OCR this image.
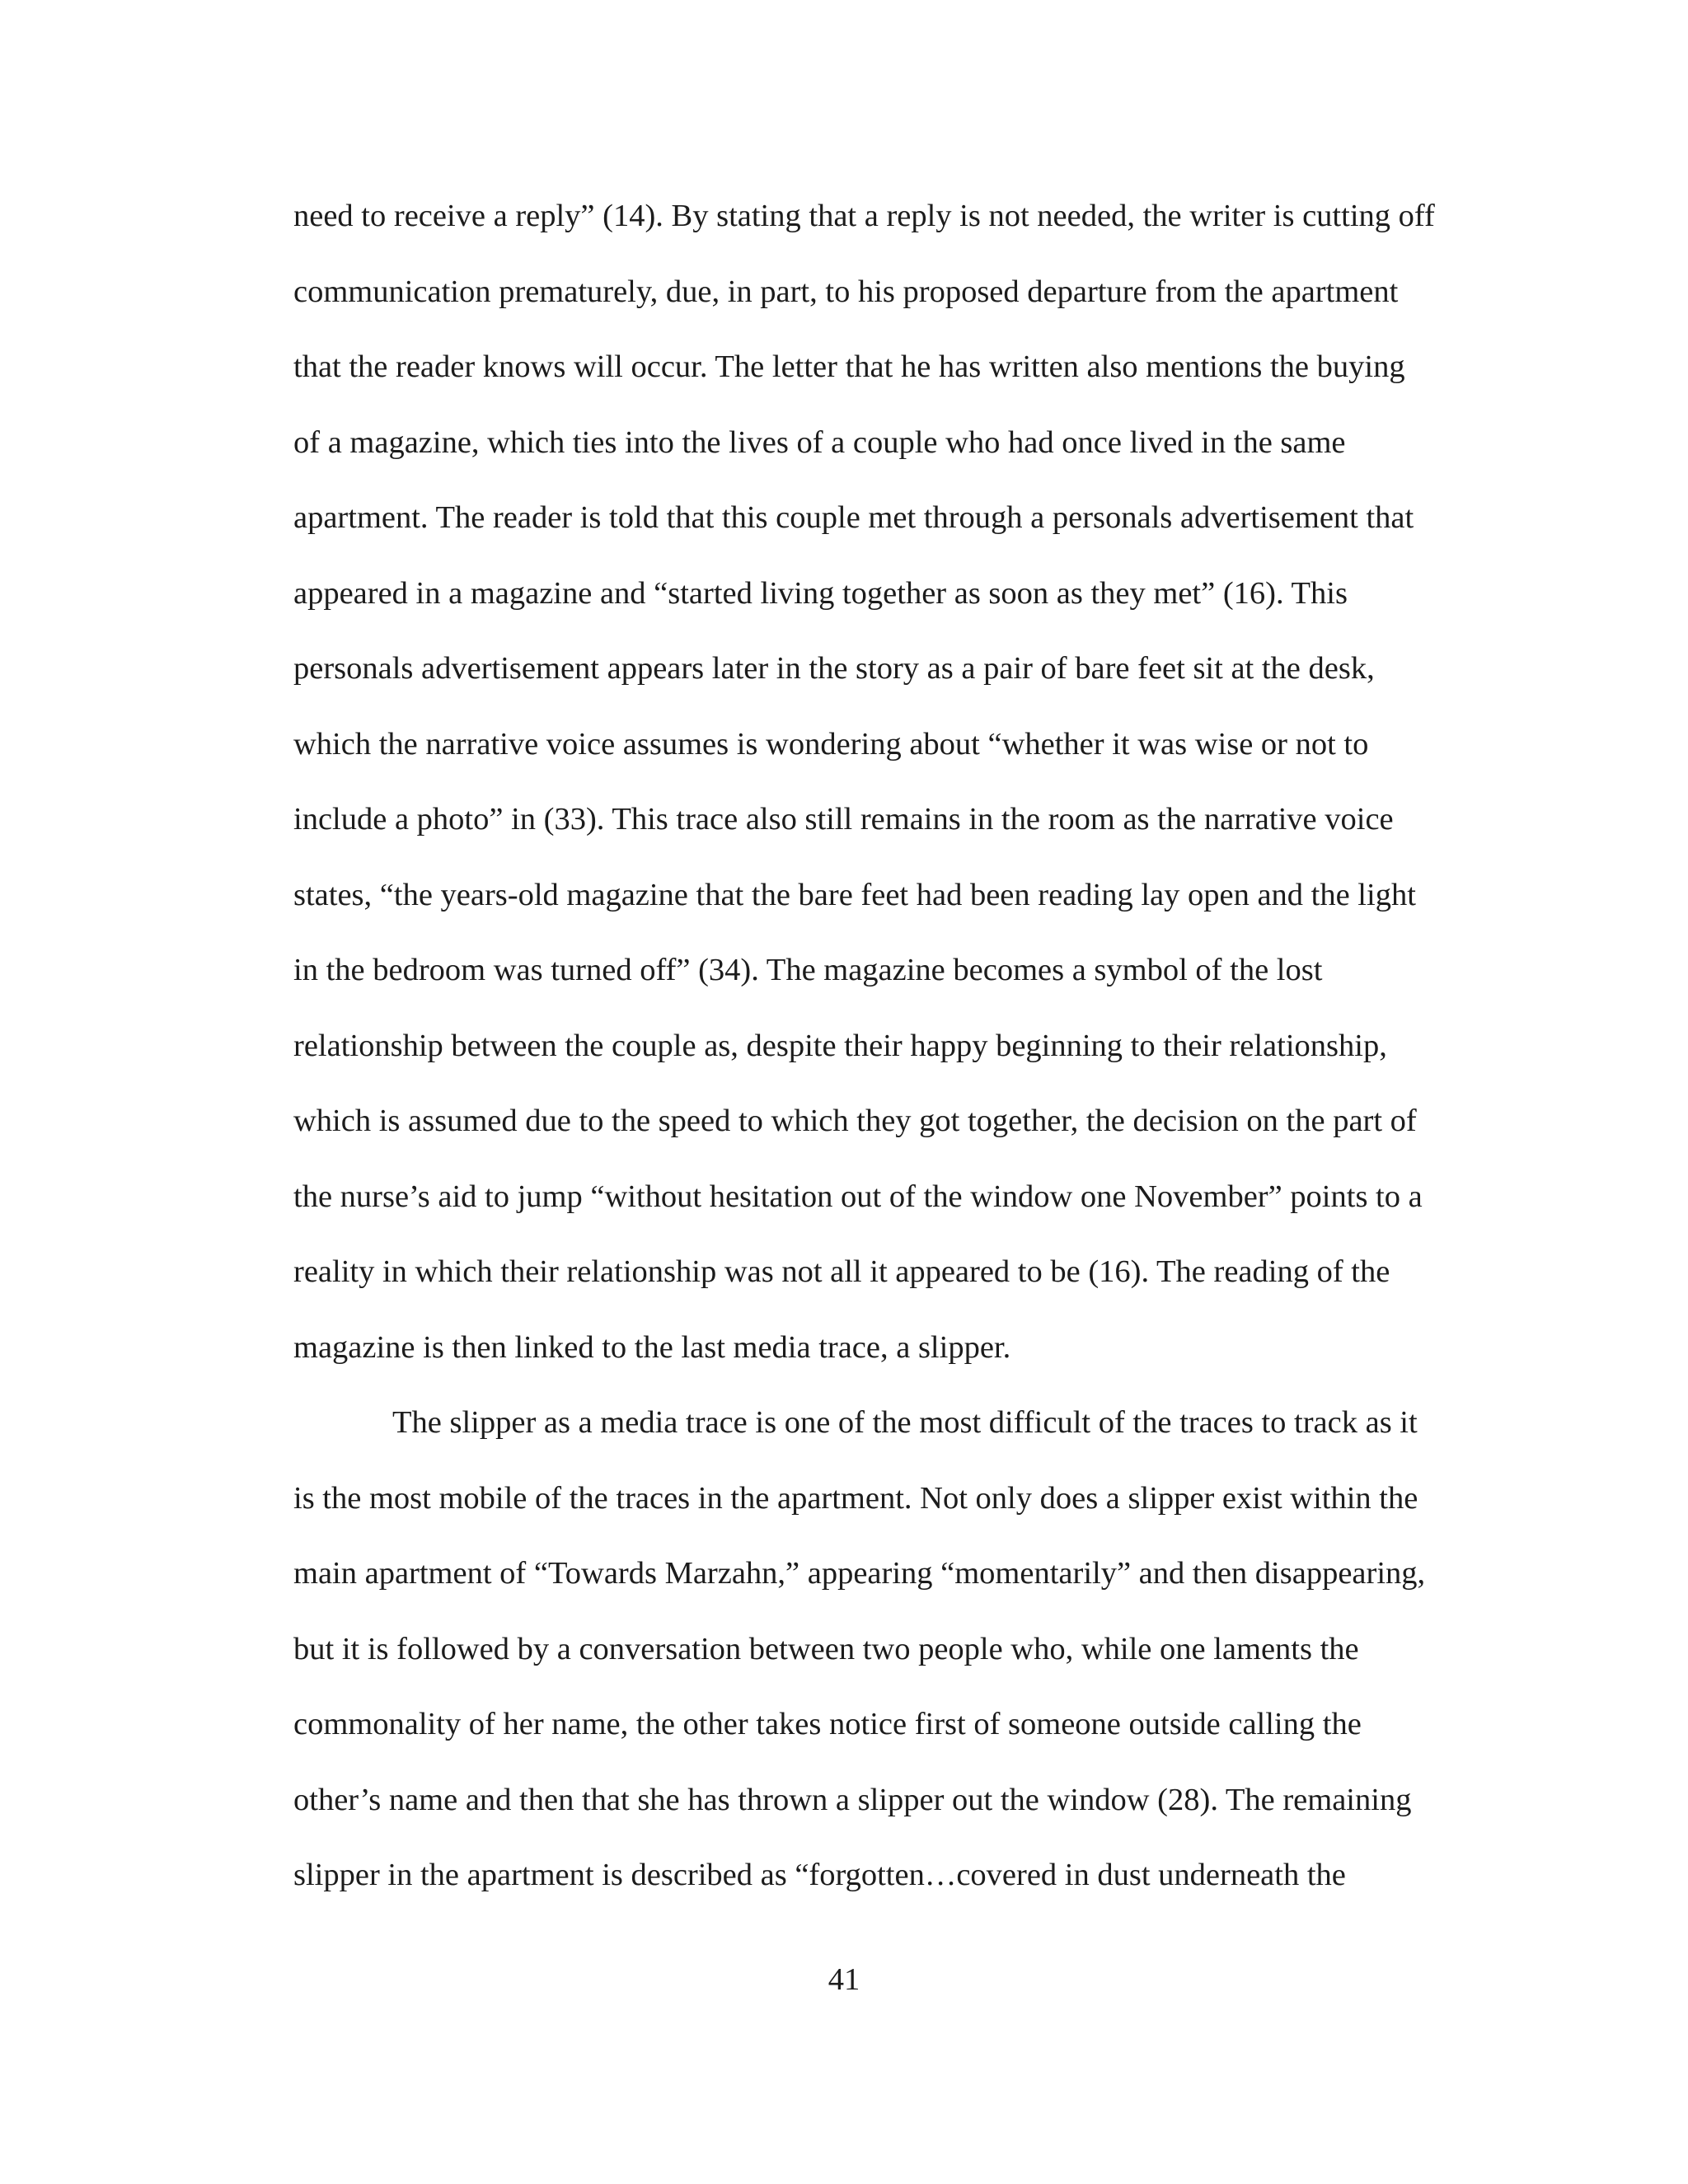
need to receive a reply” (14). By stating that a reply is not needed, the writer is cutting off
communication prematurely, due, in part, to his proposed departure from the apartment
that the reader knows will occur. The letter that he has written also mentions the buying
of a magazine, which ties into the lives of a couple who had once lived in the same
apartment. The reader is told that this couple met through a personals advertisement that
appeared in a magazine and “started living together as soon as they met” (16). This
personals advertisement appears later in the story as a pair of bare feet sit at the desk,
which the narrative voice assumes is wondering about “whether it was wise or not to
include a photo” in (33). This trace also still remains in the room as the narrative voice
states, “the years-old magazine that the bare feet had been reading lay open and the light
in the bedroom was turned off” (34). The magazine becomes a symbol of the lost
relationship between the couple as, despite their happy beginning to their relationship,
which is assumed due to the speed to which they got together, the decision on the part of
the nurse’s aid to jump “without hesitation out of the window one November” points to a
reality in which their relationship was not all it appeared to be (16). The reading of the
magazine is then linked to the last media trace, a slipper.
The slipper as a media trace is one of the most difficult of the traces to track as it
is the most mobile of the traces in the apartment. Not only does a slipper exist within the
main apartment of “Towards Marzahn,” appearing “momentarily” and then disappearing,
but it is followed by a conversation between two people who, while one laments the
commonality of her name, the other takes notice first of someone outside calling the
other’s name and then that she has thrown a slipper out the window (28). The remaining
slipper in the apartment is described as “forgotten…covered in dust underneath the
41
